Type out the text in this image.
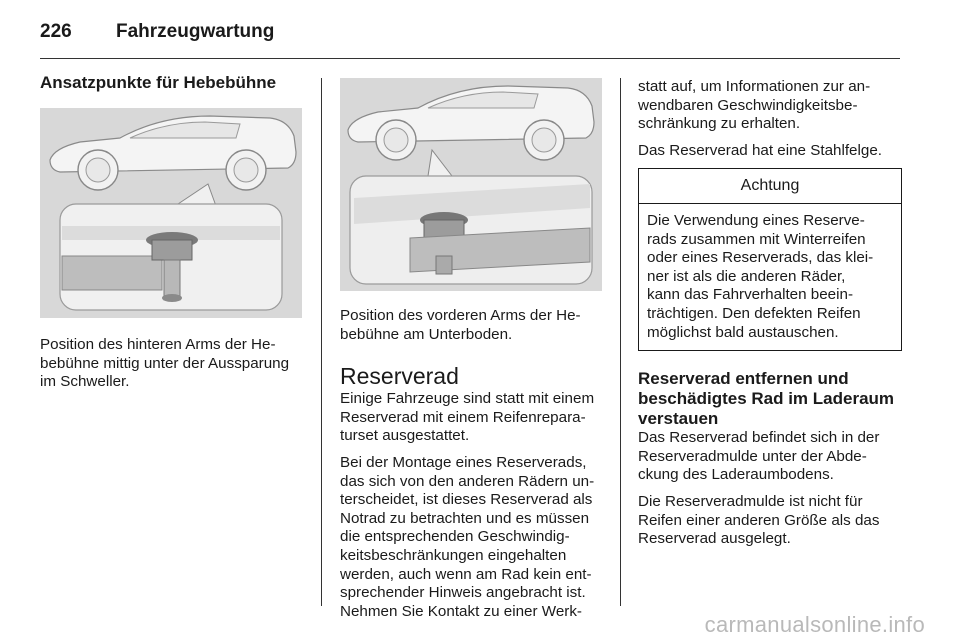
226 Fahrzeugwartung
Ansatzpunkte für Hebebühne

Position des hinteren Arms der He-
bebühne mittig unter der Aussparung
im Schweller.

Position des vorderen Arms der He-
bebühne am Unterboden.

Reserverad

Einige Fahrzeuge sind statt mit einem
Reserverad mit einem Reifenrepara-
turset ausgestattet.

Bei der Montage eines Reserverads,
das sich von den anderen Rädern un-
terscheidet, ist dieses Reserverad als
Notrad zu betrachten und es müssen
die entsprechenden Geschwindig-
keitsbeschränkungen eingehalten
werden, auch wenn am Rad kein ent-
sprechender Hinweis angebracht ist.
Nehmen Sie Kontakt zu einer Werk-

statt auf, um Informationen zur an-
wendbaren Geschwindigkeitsbe-
schränkung zu erhalten.

Das Reserverad hat eine Stahlfelge.

Achtung
Die Verwendung eines Reserve-
rads zusammen mit Winterreifen
oder eines Reserverads, das klei-
ner ist als die anderen Räder,
kann das Fahrverhalten beein-
trächtigen. Den defekten Reifen
möglichst bald austauschen.
Reserverad entfernen und
beschädigtes Rad im Laderaum
verstauen

Das Reserverad befindet sich in der
Reserveradmulde unter der Abde-
ckung des Laderaumbodens.

Die Reserveradmulde ist nicht für
Reifen einer anderen Größe als das
Reserverad ausgelegt.

carmanualsonline.info
